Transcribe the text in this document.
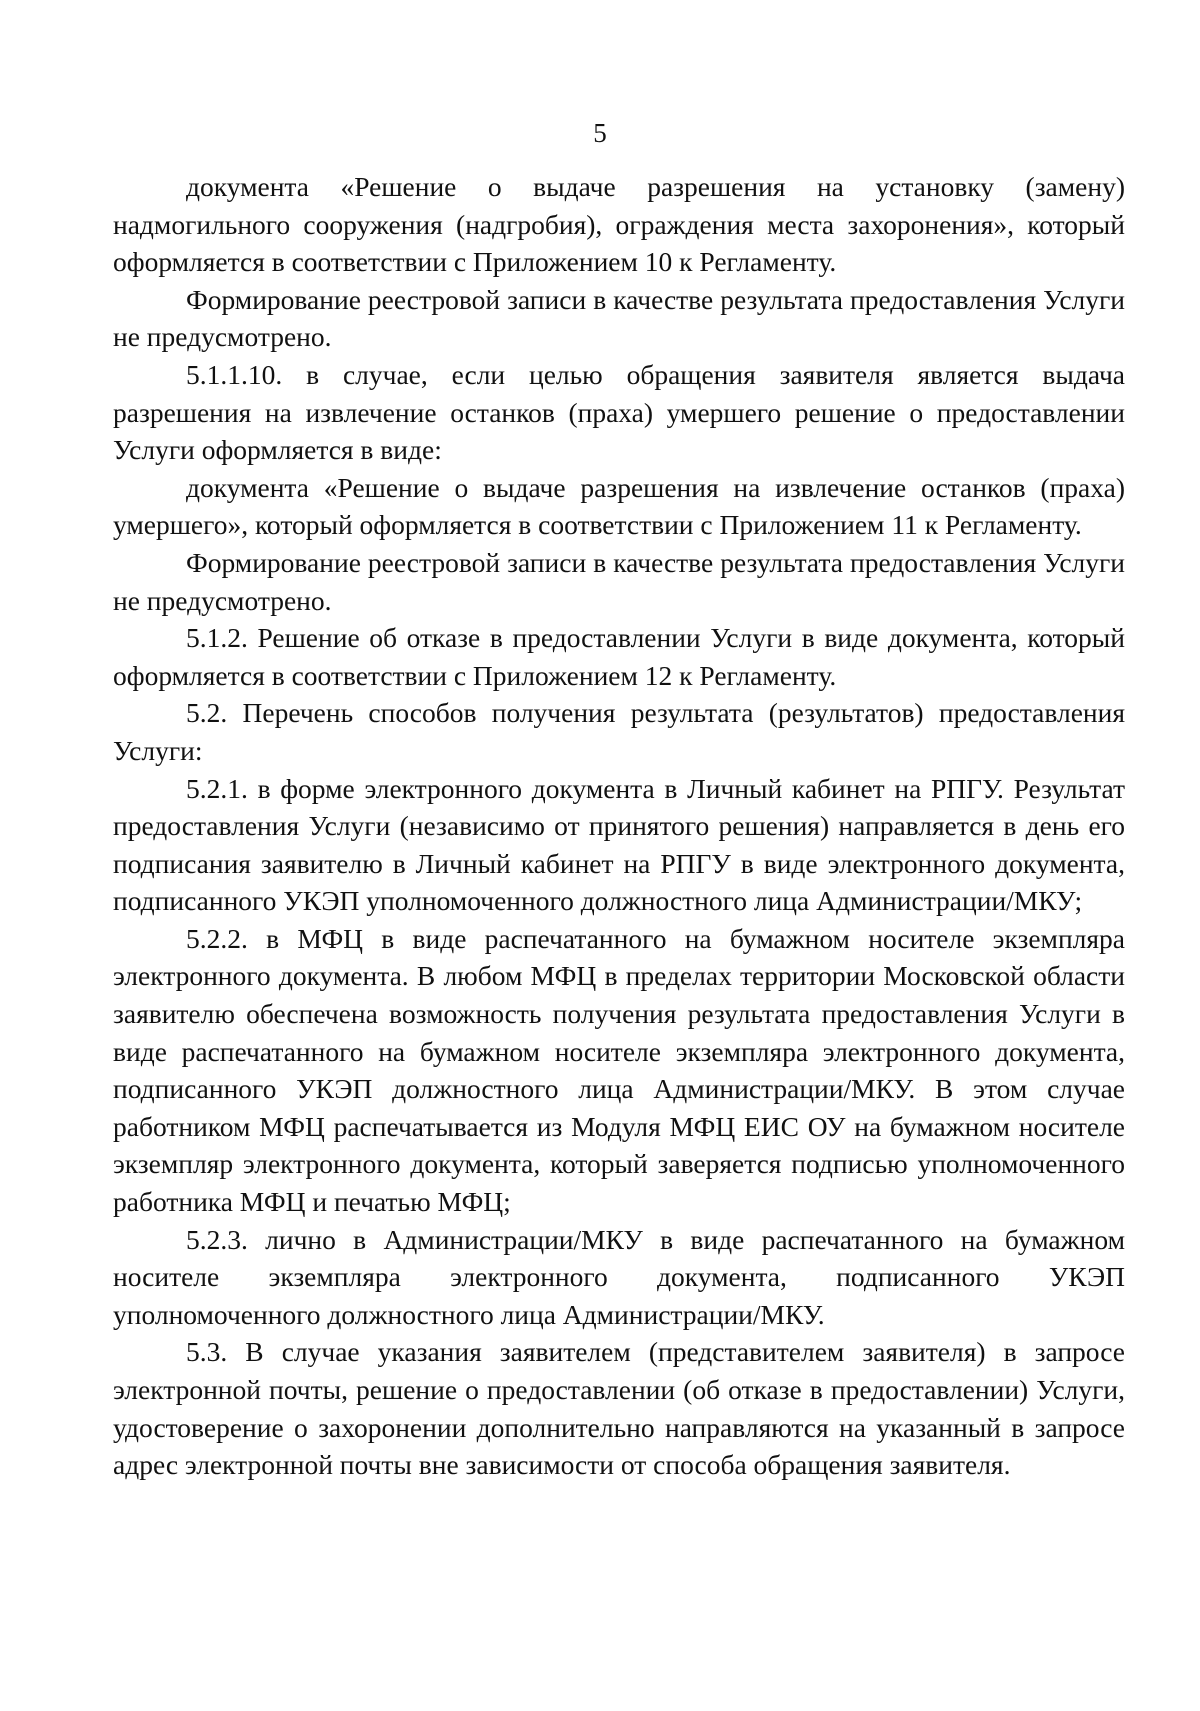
5

документа «Решение о выдаче разрешения на установку (замену) надмогильного сооружения (надгробия), ограждения места захоронения», который оформляется в соответствии с Приложением 10 к Регламенту.

Формирование реестровой записи в качестве результата предоставления Услуги не предусмотрено.

5.1.1.10. в случае, если целью обращения заявителя является выдача разрешения на извлечение останков (праха) умершего решение о предоставлении Услуги оформляется в виде:

документа «Решение о выдаче разрешения на извлечение останков (праха) умершего», который оформляется в соответствии с Приложением 11 к Регламенту.

Формирование реестровой записи в качестве результата предоставления Услуги не предусмотрено.

5.1.2. Решение об отказе в предоставлении Услуги в виде документа, который оформляется в соответствии с Приложением 12 к Регламенту.

5.2. Перечень способов получения результата (результатов) предоставления Услуги:

5.2.1. в форме электронного документа в Личный кабинет на РПГУ. Результат предоставления Услуги (независимо от принятого решения) направляется в день его подписания заявителю в Личный кабинет на РПГУ в виде электронного документа, подписанного УКЭП уполномоченного должностного лица Администрации/МКУ;

5.2.2. в МФЦ в виде распечатанного на бумажном носителе экземпляра электронного документа. В любом МФЦ в пределах территории Московской области заявителю обеспечена возможность получения результата предоставления Услуги в виде распечатанного на бумажном носителе экземпляра электронного документа, подписанного УКЭП должностного лица Администрации/МКУ. В этом случае работником МФЦ распечатывается из Модуля МФЦ ЕИС ОУ на бумажном носителе экземпляр электронного документа, который заверяется подписью уполномоченного работника МФЦ и печатью МФЦ;

5.2.3. лично в Администрации/МКУ в виде распечатанного на бумажном носителе экземпляра электронного документа, подписанного УКЭП уполномоченного должностного лица Администрации/МКУ.

5.3. В случае указания заявителем (представителем заявителя) в запросе электронной почты, решение о предоставлении (об отказе в предоставлении) Услуги, удостоверение о захоронении дополнительно направляются на указанный в запросе адрес электронной почты вне зависимости от способа обращения заявителя.
